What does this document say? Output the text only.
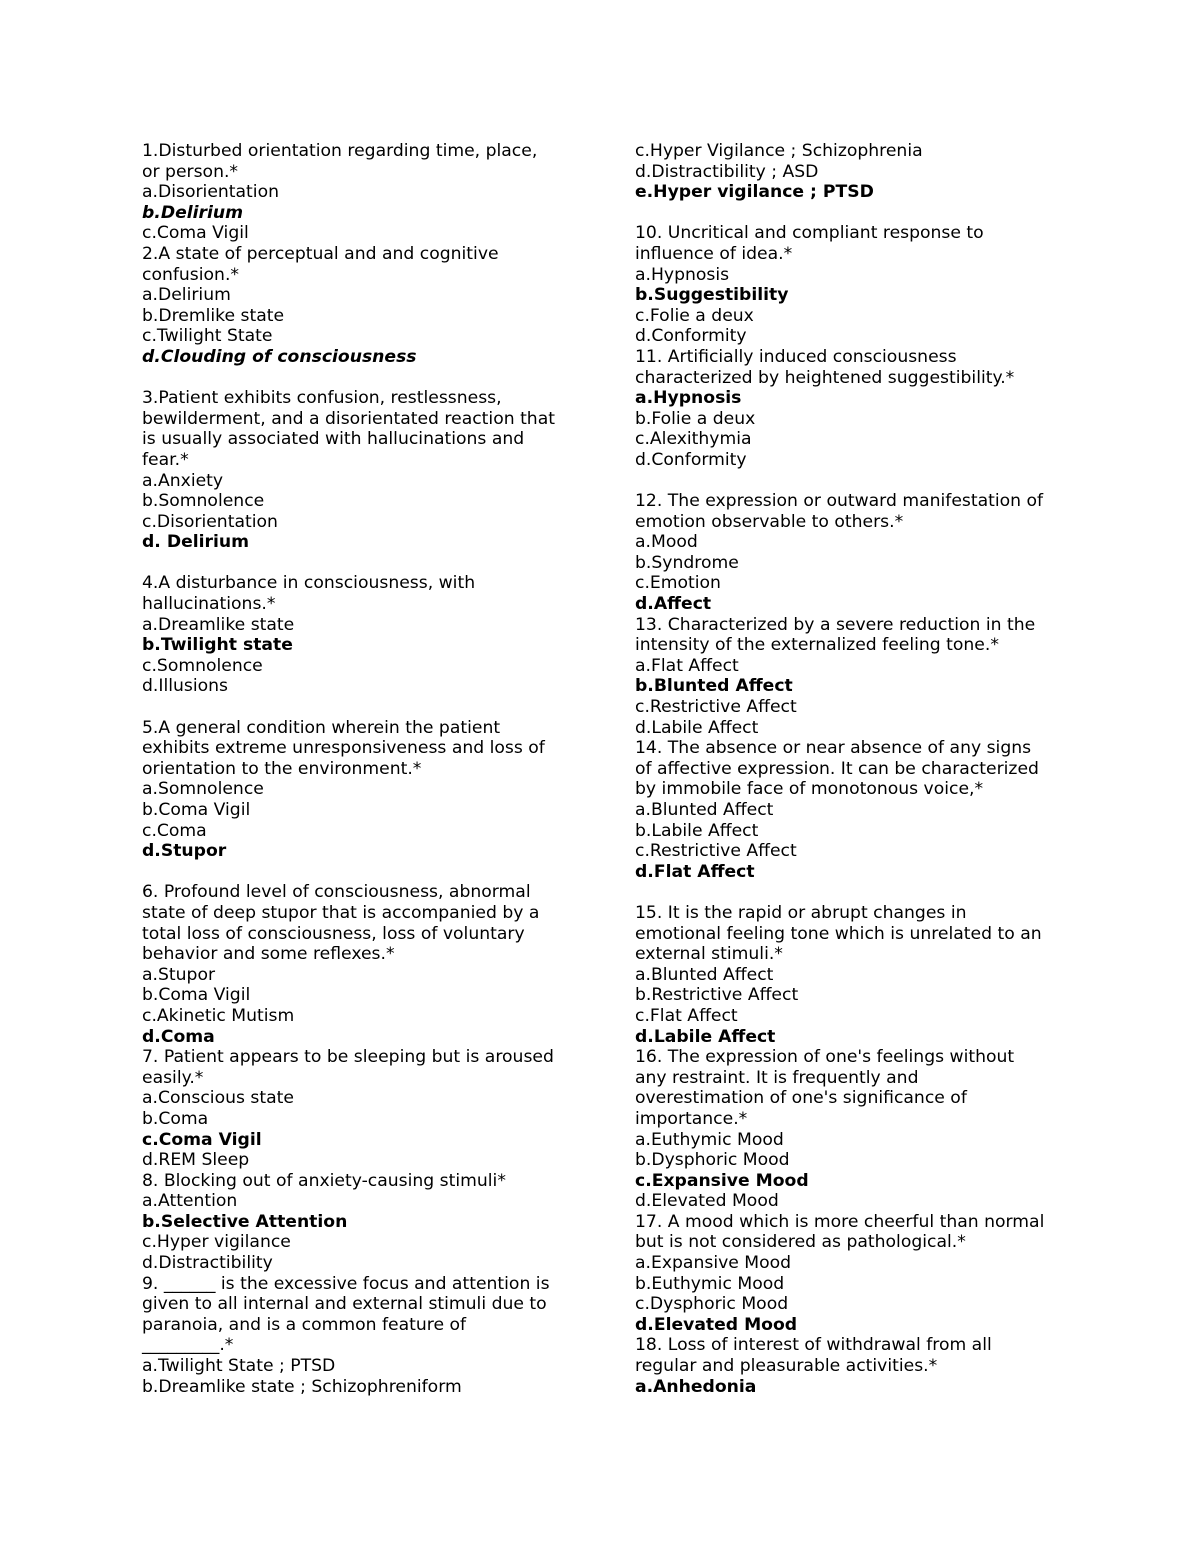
1.Disturbed orientation regarding time, place,
or person.*
a.Disorientation
b.Delirium
c.Coma Vigil
2.A state of perceptual and and cognitive
confusion.*
a.Delirium
b.Dremlike state
c.Twilight State
d.Clouding of consciousness
3.Patient exhibits confusion, restlessness,
bewilderment, and a disorientated reaction that
is usually associated with hallucinations and
fear.*
a.Anxiety
b.Somnolence
c.Disorientation
d. Delirium
4.A disturbance in consciousness, with
hallucinations.*
a.Dreamlike state
b.Twilight state
c.Somnolence
d.Illusions
5.A general condition wherein the patient
exhibits extreme unresponsiveness and loss of
orientation to the environment.*
a.Somnolence
b.Coma Vigil
c.Coma
d.Stupor
6. Profound level of consciousness, abnormal
state of deep stupor that is accompanied by a
total loss of consciousness, loss of voluntary
behavior and some reflexes.*
a.Stupor
b.Coma Vigil
c.Akinetic Mutism
d.Coma
7. Patient appears to be sleeping but is aroused
easily.*
a.Conscious state
b.Coma
c.Coma Vigil
d.REM Sleep
8. Blocking out of anxiety-causing stimuli*
a.Attention
b.Selective Attention
c.Hyper vigilance
d.Distractibility
9. ______ is the excessive focus and attention is
given to all internal and external stimuli due to
paranoia, and is a common feature of
_________.*
a.Twilight State ; PTSD
b.Dreamlike state ; Schizophreniform
c.Hyper Vigilance ; Schizophrenia
d.Distractibility ; ASD
e.Hyper vigilance ; PTSD
10. Uncritical and compliant response to
influence of idea.*
a.Hypnosis
b.Suggestibility
c.Folie a deux
d.Conformity
11. Artificially induced consciousness
characterized by heightened suggestibility.*
a.Hypnosis
b.Folie a deux
c.Alexithymia
d.Conformity
12. The expression or outward manifestation of
emotion observable to others.*
a.Mood
b.Syndrome
c.Emotion
d.Affect
13. Characterized by a severe reduction in the
intensity of the externalized feeling tone.*
a.Flat Affect
b.Blunted Affect
c.Restrictive Affect
d.Labile Affect
14. The absence or near absence of any signs
of affective expression. It can be characterized
by immobile face of monotonous voice,*
a.Blunted Affect
b.Labile Affect
c.Restrictive Affect
d.Flat Affect
15. It is the rapid or abrupt changes in
emotional feeling tone which is unrelated to an
external stimuli.*
a.Blunted Affect
b.Restrictive Affect
c.Flat Affect
d.Labile Affect
16. The expression of one's feelings without
any restraint. It is frequently and
overestimation of one's significance of
importance.*
a.Euthymic Mood
b.Dysphoric Mood
c.Expansive Mood
d.Elevated Mood
17. A mood which is more cheerful than normal
but is not considered as pathological.*
a.Expansive Mood
b.Euthymic Mood
c.Dysphoric Mood
d.Elevated Mood
18. Loss of interest of withdrawal from all
regular and pleasurable activities.*
a.Anhedonia
